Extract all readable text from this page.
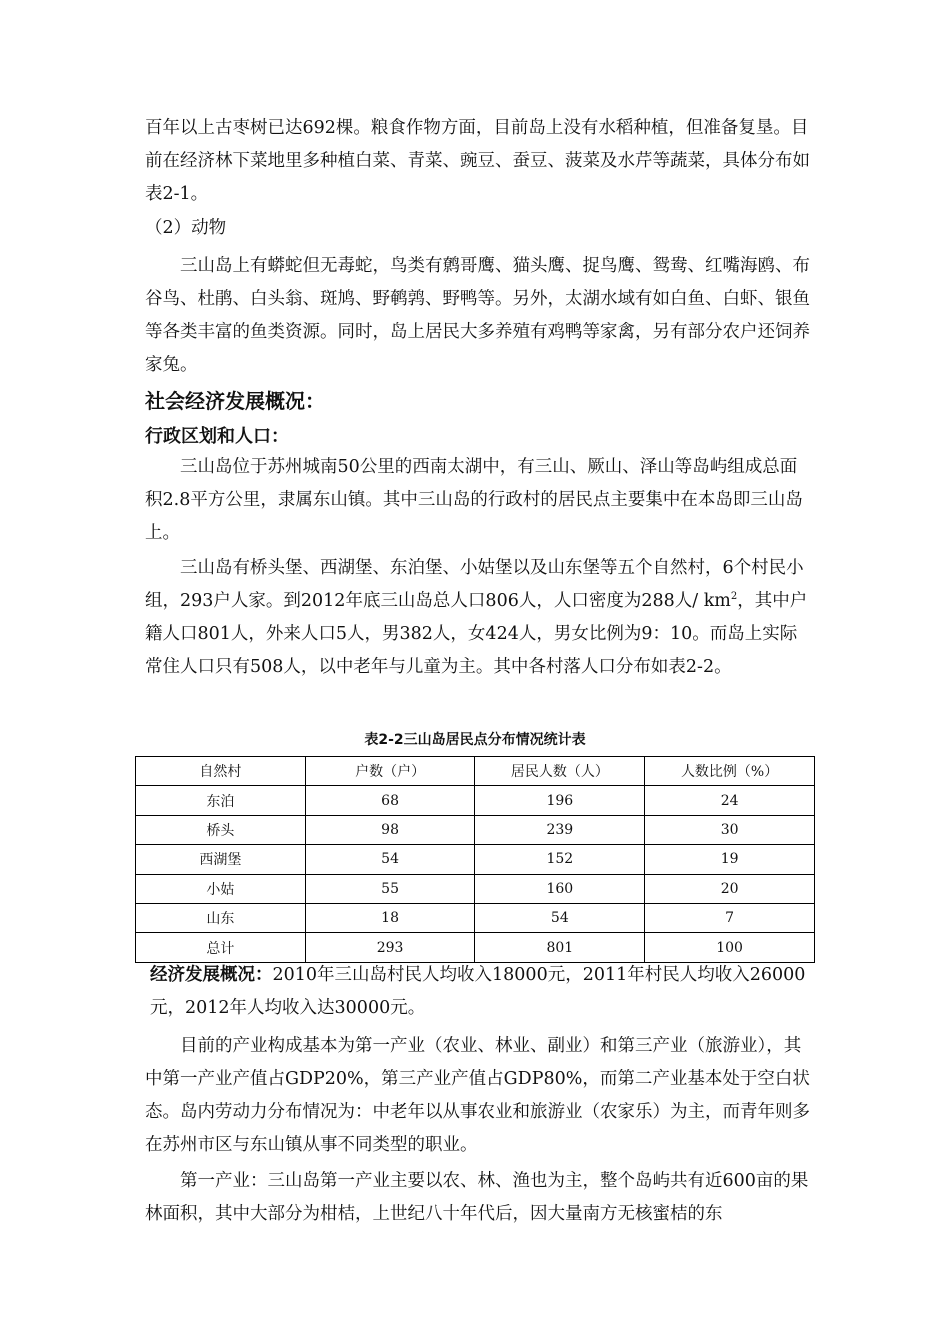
百年以上古枣树已达692棵。粮食作物方面，目前岛上没有水稻种植，但准备复垦。目前在经济林下菜地里多种植白菜、青菜、豌豆、蚕豆、菠菜及水芹等蔬菜，具体分布如表2-1。

（2）动物

三山岛上有蟒蛇但无毒蛇，鸟类有鹩哥鹰、猫头鹰、捉鸟鹰、鸳鸯、红嘴海鸥、布谷鸟、杜鹃、白头翁、斑鸠、野鹌鹑、野鸭等。另外，太湖水域有如白鱼、白虾、银鱼等各类丰富的鱼类资源。同时，岛上居民大多养殖有鸡鸭等家禽，另有部分农户还饲养家兔。

社会经济发展概况：

行政区划和人口：

三山岛位于苏州城南50公里的西南太湖中，有三山、厥山、泽山等岛屿组成总面积2.8平方公里，隶属东山镇。其中三山岛的行政村的居民点主要集中在本岛即三山岛上。

三山岛有桥头堡、西湖堡、东泊堡、小姑堡以及山东堡等五个自然村，6个村民小组，293户人家。到2012年底三山岛总人口806人，人口密度为288人/ $km^2$，其中户籍人口801人，外来人口5人，男382人，女424人，男女比例为9：10。而岛上实际常住人口只有508人，以中老年与儿童为主。其中各村落人口分布如表2-2。

表2-2三山岛居民点分布情况统计表
自然村	户数（户）	居民人数（人）	人数比例（%）
东泊	68	196	24
桥头	98	239	30
西湖堡	54	152	19
小姑	55	160	20
山东	18	54	7
总计	293	801	100

经济发展概况：2010年三山岛村民人均收入18000元，2011年村民人均收入26000元，2012年人均收入达30000元。

目前的产业构成基本为第一产业（农业、林业、副业）和第三产业（旅游业），其中第一产业产值占GDP20%，第三产业产值占GDP80%，而第二产业基本处于空白状态。岛内劳动力分布情况为：中老年以从事农业和旅游业（农家乐）为主，而青年则多在苏州市区与东山镇从事不同类型的职业。

第一产业：三山岛第一产业主要以农、林、渔也为主，整个岛屿共有近600亩的果林面积，其中大部分为柑桔，上世纪八十年代后，因大量南方无核蜜桔的东
